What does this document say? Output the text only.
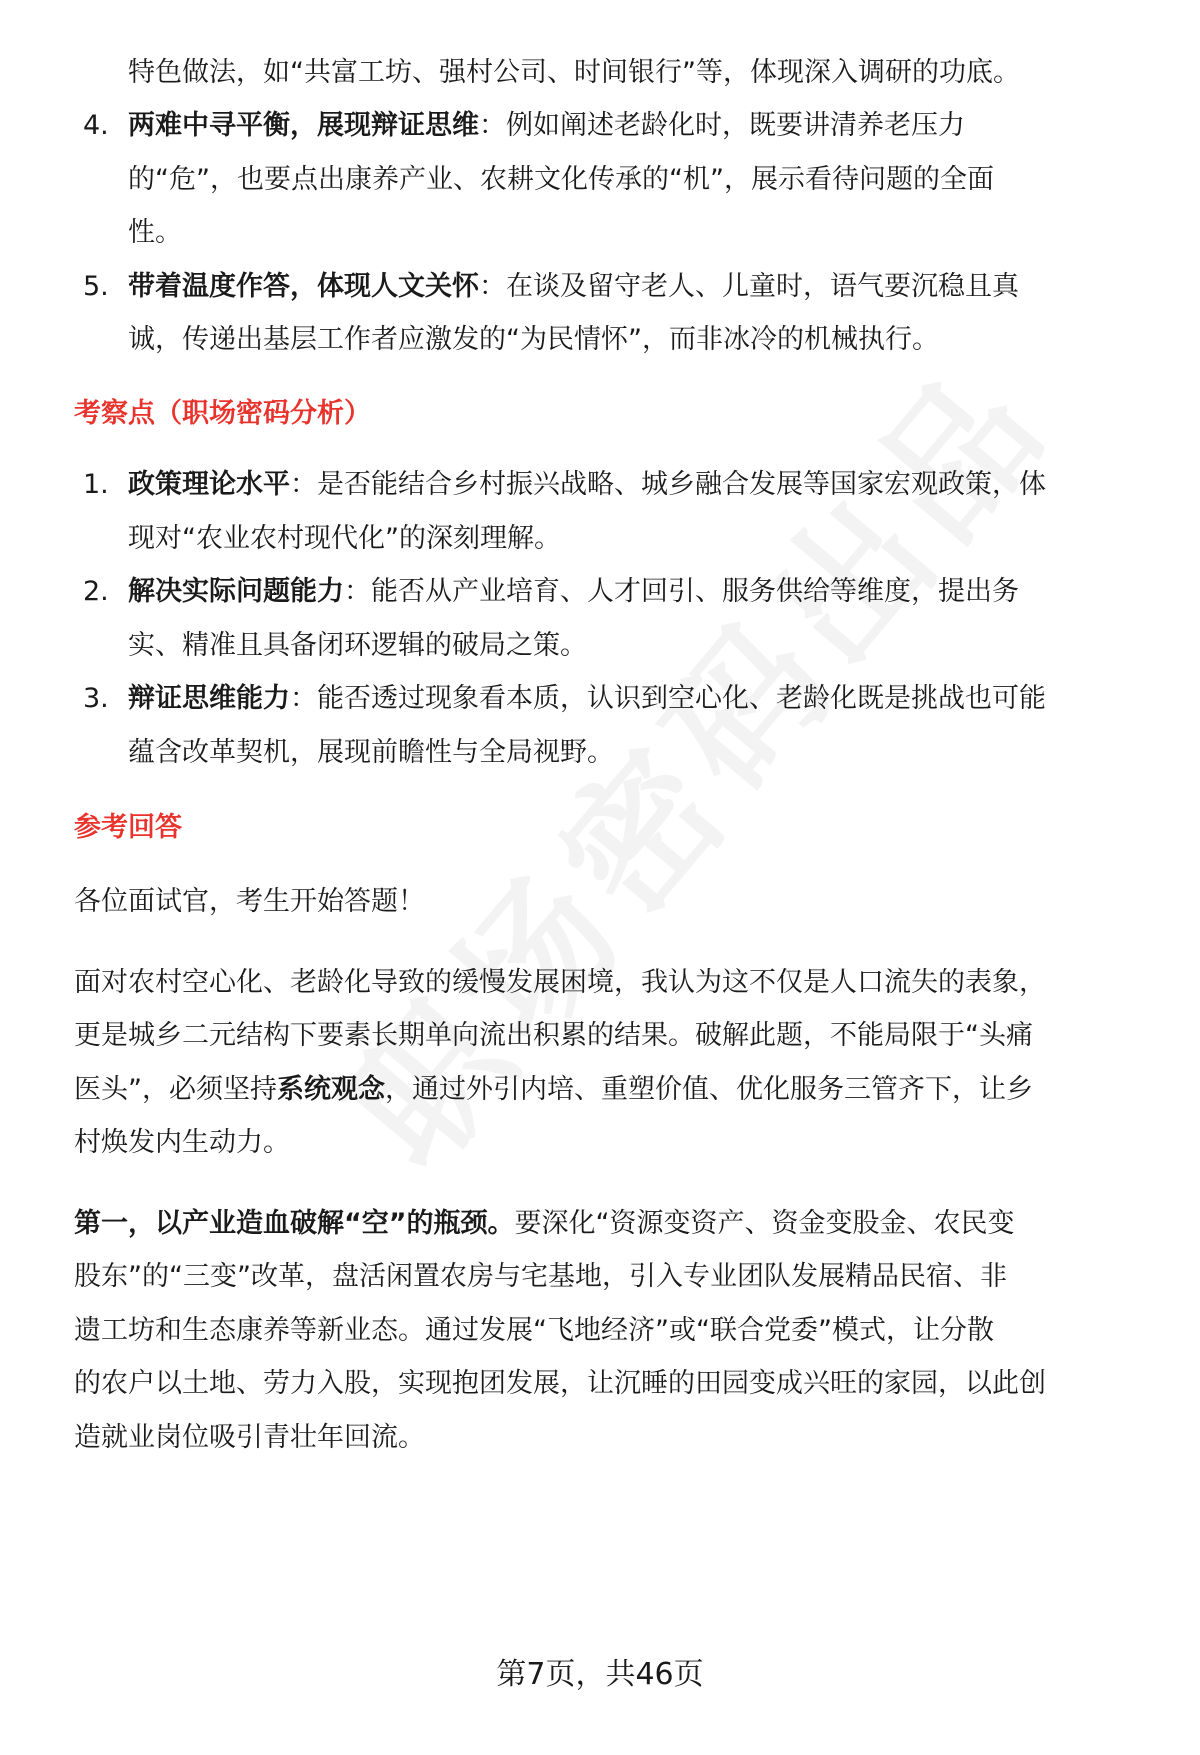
特色做法，如“共富工坊、强村公司、时间银行”等，体现深入调研的功底。
4. 两难中寻平衡，展现辩证思维：例如阐述老龄化时，既要讲清养老压力
的“危”，也要点出康养产业、农耕文化传承的“机”，展示看待问题的全面
性。
5. 带着温度作答，体现人文关怀：在谈及留守老人、儿童时，语气要沉稳且真
诚，传递出基层工作者应激发的“为民情怀”，而非冰冷的机械执行。
考察点（职场密码分析）
1. 政策理论水平：是否能结合乡村振兴战略、城乡融合发展等国家宏观政策，体
现对“农业农村现代化”的深刻理解。
2. 解决实际问题能力：能否从产业培育、人才回引、服务供给等维度，提出务
实、精准且具备闭环逻辑的破局之策。
3. 辩证思维能力：能否透过现象看本质，认识到空心化、老龄化既是挑战也可能
蕴含改革契机，展现前瞻性与全局视野。
参考回答
各位面试官，考生开始答题！
面对农村空心化、老龄化导致的缓慢发展困境，我认为这不仅是人口流失的表象，
更是城乡二元结构下要素长期单向流出积累的结果。破解此题，不能局限于“头痛
医头”，必须坚持系统观念，通过外引内培、重塑价值、优化服务三管齐下，让乡
村焕发内生动力。
第一，以产业造血破解“空”的瓶颈。要深化“资源变资产、资金变股金、农民变
股东”的“三变”改革，盘活闲置农房与宅基地，引入专业团队发展精品民宿、非
遗工坊和生态康养等新业态。通过发展“飞地经济”或“联合党委”模式，让分散
的农户以土地、劳力入股，实现抱团发展，让沉睡的田园变成兴旺的家园，以此创
造就业岗位吸引青壮年回流。
第7页，共46页
